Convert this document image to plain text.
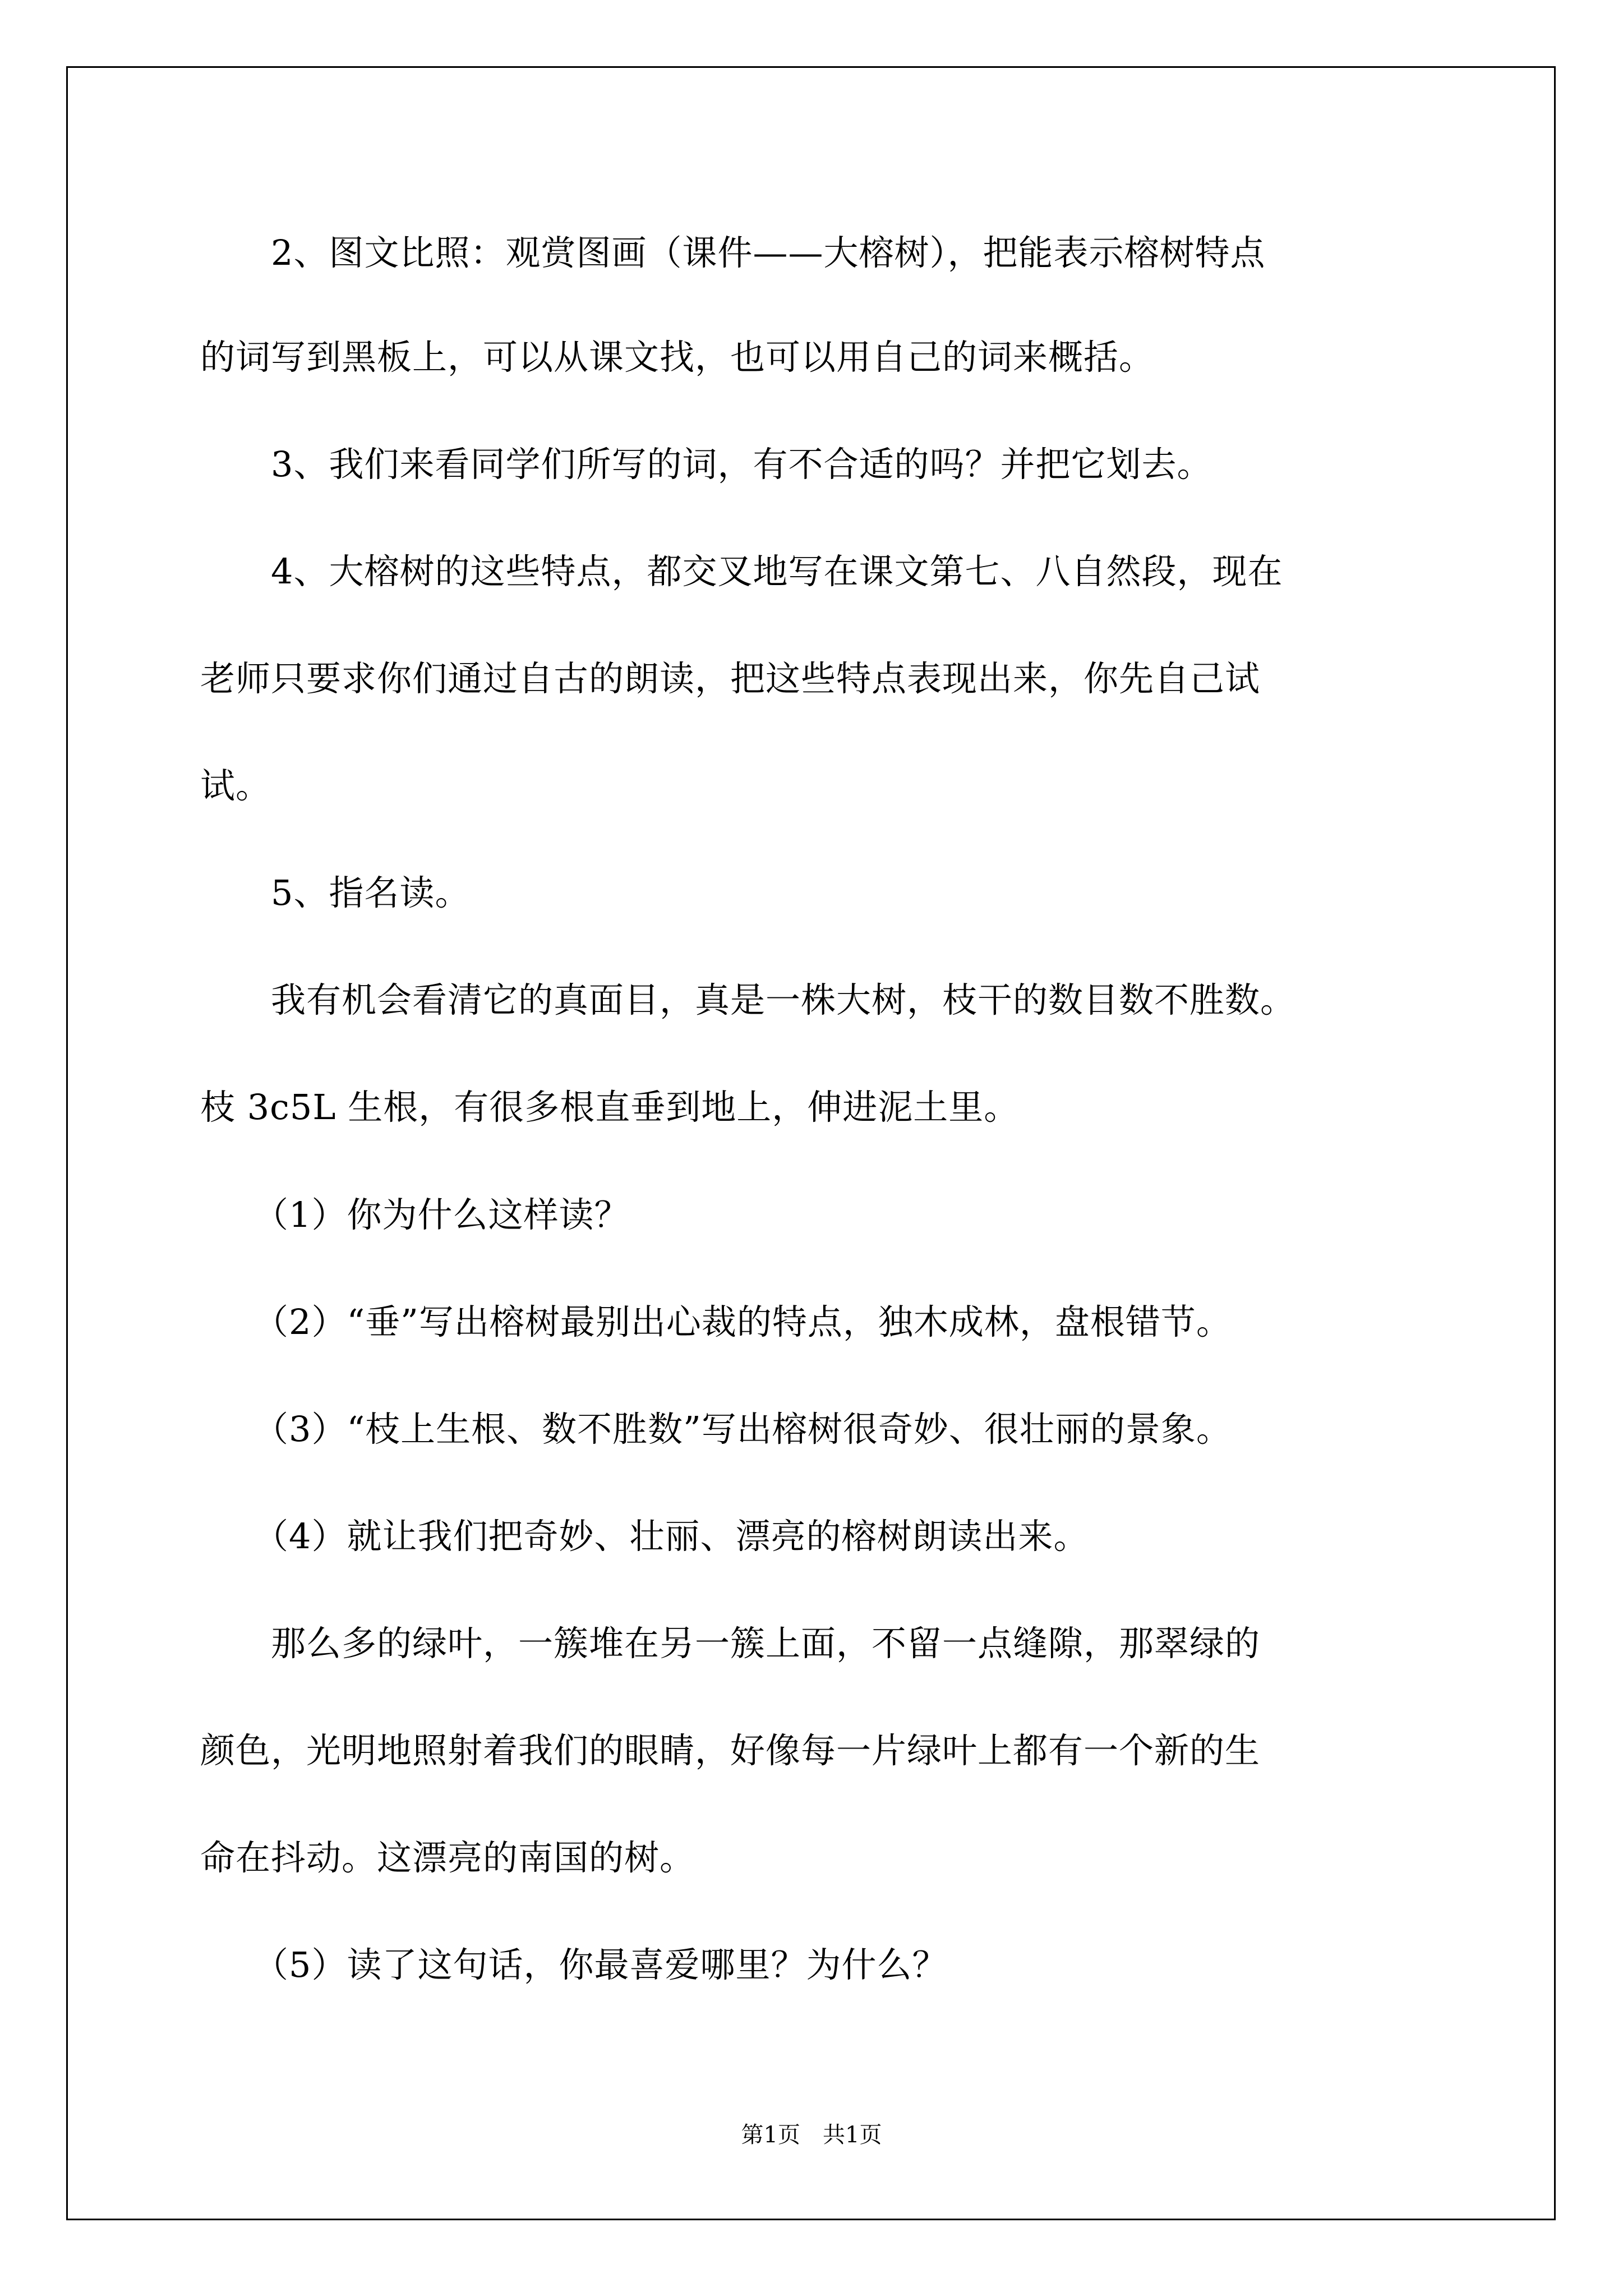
　　2、图文比照：观赏图画（课件——大榕树），把能表示榕树特点
的词写到黑板上，可以从课文找，也可以用自己的词来概括。
　　3、我们来看同学们所写的词，有不合适的吗？并把它划去。
　　4、大榕树的这些特点，都交叉地写在课文第七、八自然段，现在
老师只要求你们通过自古的朗读，把这些特点表现出来，你先自己试
试。
　　5、指名读。
　　我有机会看清它的真面目，真是一株大树，枝干的数目数不胜数。
枝 3c5L 生根，有很多根直垂到地上，伸进泥土里。
　　（1）你为什么这样读？
　　（2）“垂”写出榕树最别出心裁的特点，独木成林，盘根错节。
　　（3）“枝上生根、数不胜数”写出榕树很奇妙、很壮丽的景象。
　　（4）就让我们把奇妙、壮丽、漂亮的榕树朗读出来。
　　那么多的绿叶，一簇堆在另一簇上面，不留一点缝隙，那翠绿的
颜色，光明地照射着我们的眼睛，好像每一片绿叶上都有一个新的生
命在抖动。这漂亮的南国的树。
　　（5）读了这句话，你最喜爱哪里？为什么？
第1页　共1页
